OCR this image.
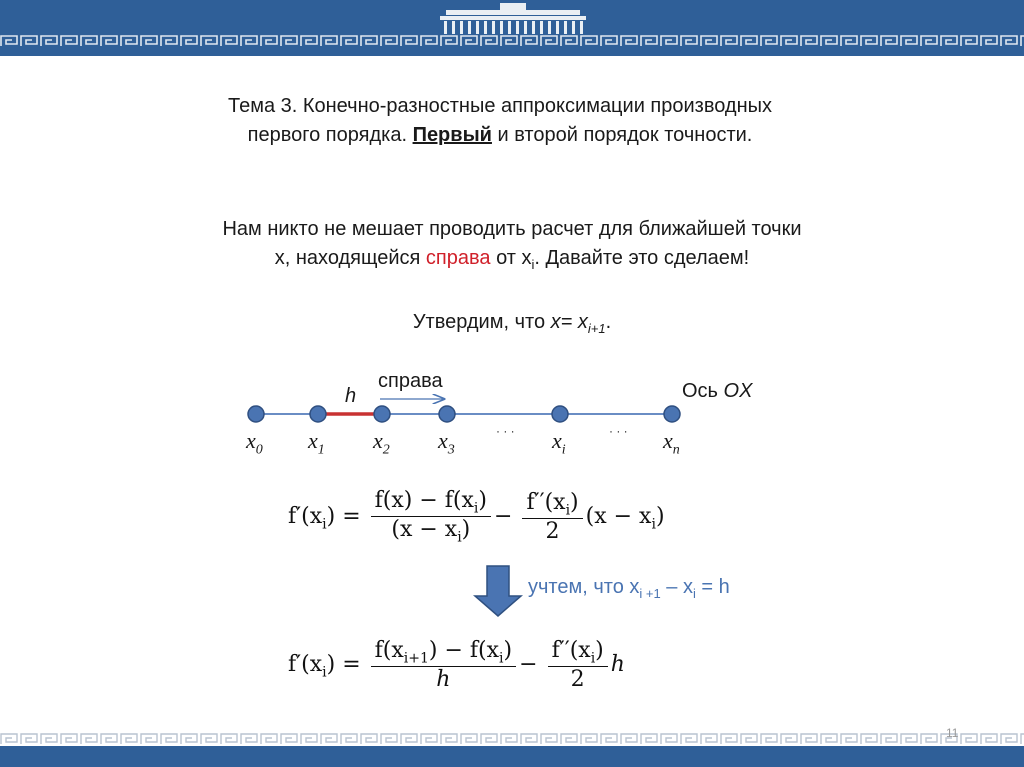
Тема 3. Конечно-разностные аппроксимации производных
первого порядка. Первый и второй порядок точности.
Нам никто не мешает проводить расчет для ближайшей точки
x, находящейся справа от $x_i$. Давайте это сделаем!
Утвердим, что $x= x_{i+1}$.
h
справа	Ось OX
$x_0$ $x_1$ $x_2$ $x_3$	$x_i$	$x_n$
· · ·	· · ·
$f'(x_i) = \frac{f(x) - f(x_i)}{(x - x_i)} - \frac{f''(x_i)}{2} (x - x_i)$
учтем, что $x_{i +1} - x_i = h$
$f'(x_i) = \frac{f(x_{i+1}) - f(x_i)}{h} - \frac{f''(x_i)}{2}$ h
11
